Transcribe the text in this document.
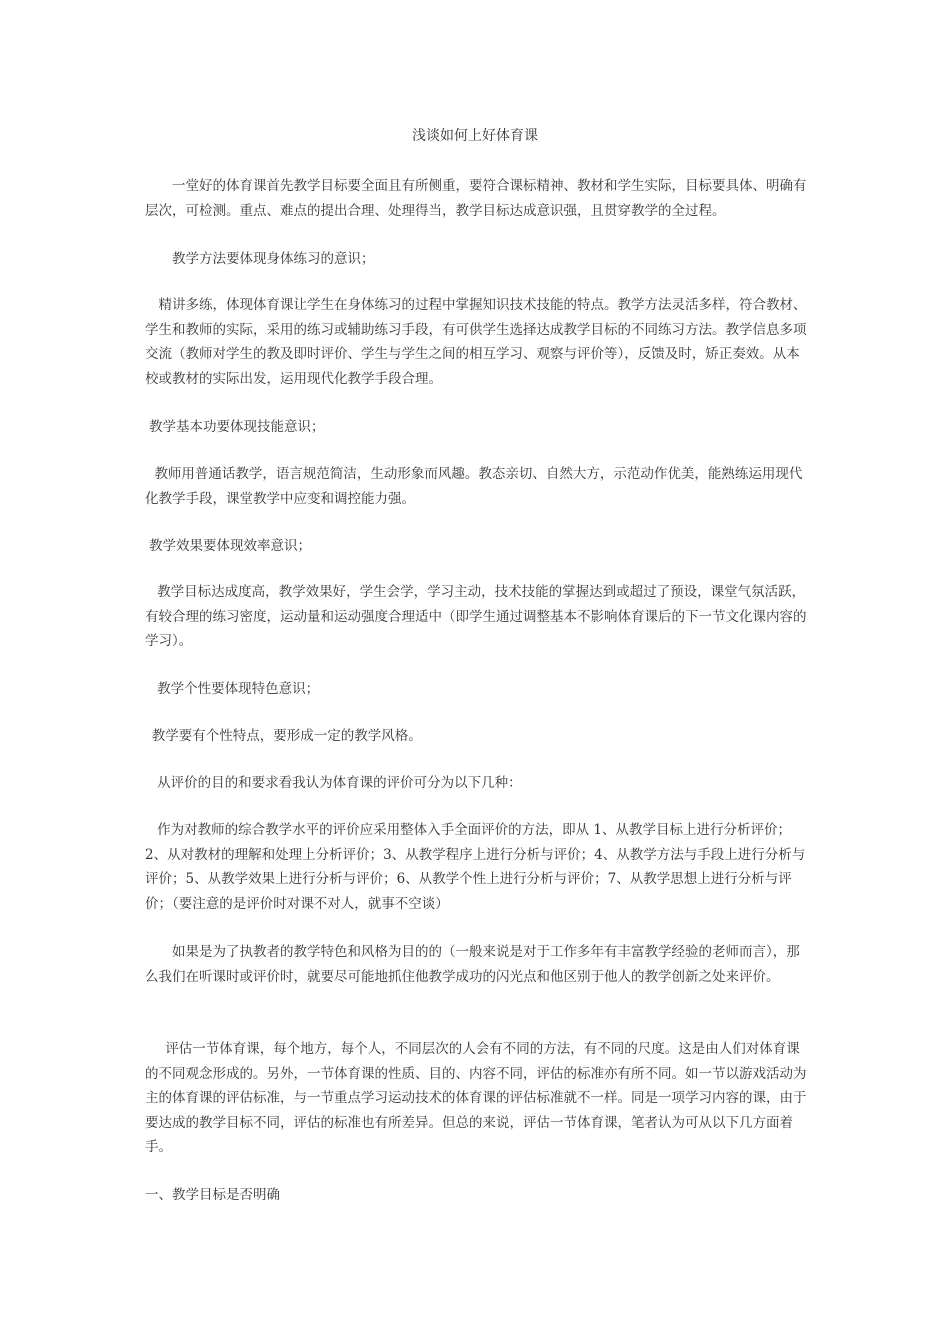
浅谈如何上好体育课
一堂好的体育课首先教学目标要全面且有所侧重，要符合课标精神、教材和学生实际，目标要具体、明确有层次，可检测。重点、难点的提出合理、处理得当，教学目标达成意识强，且贯穿教学的全过程。
教学方法要体现身体练习的意识；
精讲多练，体现体育课让学生在身体练习的过程中掌握知识技术技能的特点。教学方法灵活多样，符合教材、学生和教师的实际，采用的练习或辅助练习手段，有可供学生选择达成教学目标的不同练习方法。教学信息多项交流（教师对学生的教及即时评价、学生与学生之间的相互学习、观察与评价等），反馈及时，矫正奏效。从本校或教材的实际出发，运用现代化教学手段合理。
教学基本功要体现技能意识；
教师用普通话教学，语言规范简洁，生动形象而风趣。教态亲切、自然大方，示范动作优美，能熟练运用现代化教学手段，课堂教学中应变和调控能力强。
教学效果要体现效率意识；
教学目标达成度高，教学效果好，学生会学，学习主动，技术技能的掌握达到或超过了预设，课堂气氛活跃，有较合理的练习密度，运动量和运动强度合理适中（即学生通过调整基本不影响体育课后的下一节文化课内容的学习）。
教学个性要体现特色意识；
教学要有个性特点，要形成一定的教学风格。
从评价的目的和要求看我认为体育课的评价可分为以下几种：
作为对教师的综合教学水平的评价应采用整体入手全面评价的方法，即从 1、从教学目标上进行分析评价；2、从对教材的理解和处理上分析评价；3、从教学程序上进行分析与评价；4、从教学方法与手段上进行分析与评价；5、从教学效果上进行分析与评价；6、从教学个性上进行分析与评价；7、从教学思想上进行分析与评价；（要注意的是评价时对课不对人，就事不空谈）
如果是为了执教者的教学特色和风格为目的的（一般来说是对于工作多年有丰富教学经验的老师而言），那么我们在听课时或评价时，就要尽可能地抓住他教学成功的闪光点和他区别于他人的教学创新之处来评价。
评估一节体育课，每个地方，每个人，不同层次的人会有不同的方法，有不同的尺度。这是由人们对体育课的不同观念形成的。另外，一节体育课的性质、目的、内容不同，评估的标准亦有所不同。如一节以游戏活动为主的体育课的评估标准，与一节重点学习运动技术的体育课的评估标准就不一样。同是一项学习内容的课，由于要达成的教学目标不同，评估的标准也有所差异。但总的来说，评估一节体育课，笔者认为可从以下几方面着手。
一、教学目标是否明确
